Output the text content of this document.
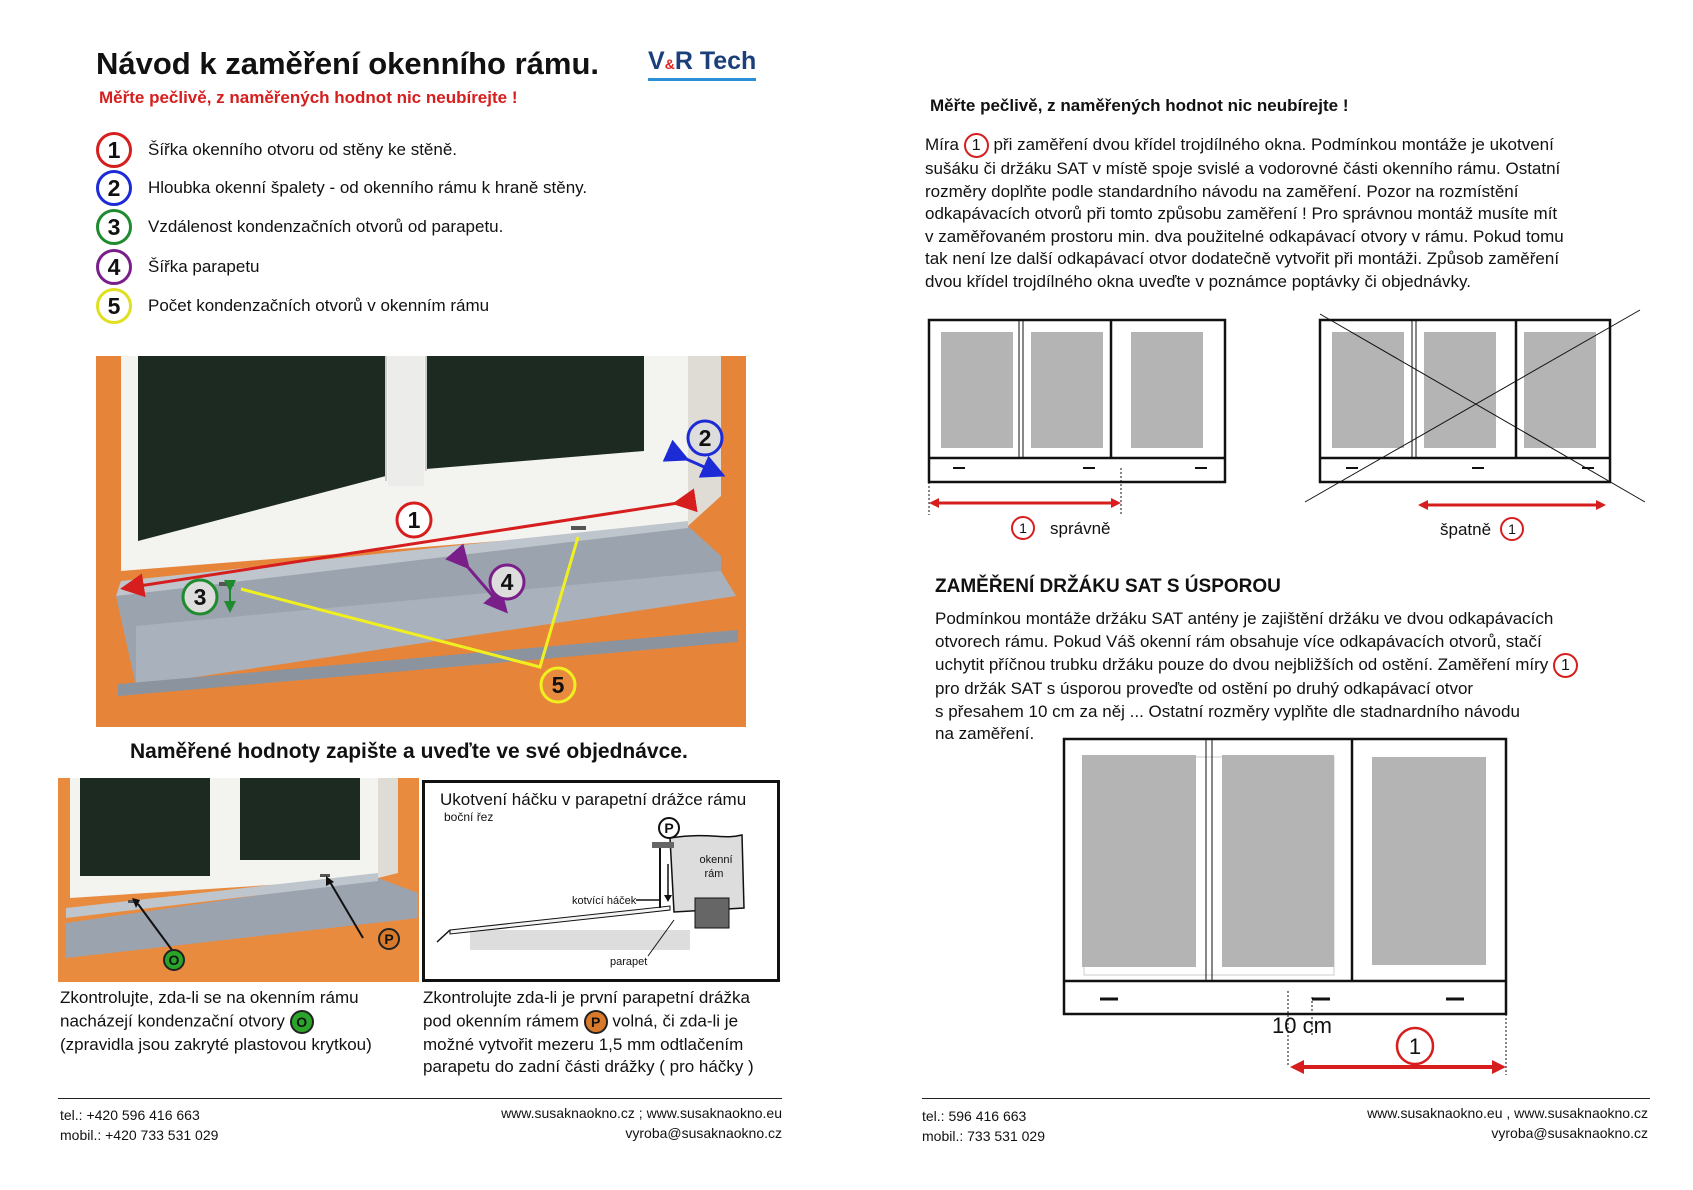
Návod k zaměření okenního rámu. V&R Tech
Měřte pečlivě, z naměřených hodnot nic neubírejte !
1	Šířka okenního otvoru od stěny ke stěně.
2	Hloubka okenní špalety - od okenního rámu k hraně stěny.
3	Vzdálenost kondenzačních otvorů od parapetu.
4	Šířka parapetu
5	Počet kondenzačních otvorů v okenním rámu
1
2
3
4
5
Naměřené hodnoty zapište a uveďte ve své objednávce.
O
P
Ukotvení háčku v parapetní drážce rámu
boční řez
P
okenní
rám
kotvící háček
parapet
Zkontrolujte, zda-li se na okenním rámu
nacházejí kondenzační otvory O
(zpravidla jsou zakryté plastovou krytkou)
Zkontrolujte zda-li je první parapetní drážka
pod okenním rámem P volná, či zda-li je
možné vytvořit mezeru 1,5 mm odtlačením
parapetu do zadní části drážky ( pro háčky )
tel.: +420 596 416 663
mobil.: +420 733 531 029
www.susaknaokno.cz ; www.susaknaokno.eu
vyroba@susaknaokno.cz
Měřte pečlivě, z naměřených hodnot nic neubírejte !
Míra 1 při zaměření dvou křídel trojdílného okna. Podmínkou montáže je ukotvení
sušáku či držáku SAT v místě spoje svislé a vodorovné části okenního rámu. Ostatní
rozměry doplňte podle standardního návodu na zaměření. Pozor na rozmístění
odkapávacích otvorů při tomto způsobu zaměření ! Pro správnou montáž musíte mít
v zaměřovaném prostoru min. dva použitelné odkapávací otvory v rámu. Pokud tomu
tak není lze další odkapávací otvor dodatečně vytvořit při montáži. Způsob zaměření
dvou křídel trojdílného okna uveďte v poznámce poptávky či objednávky.
1 správně	špatně 1
ZAMĚŘENÍ DRŽÁKU SAT S ÚSPOROU
Podmínkou montáže držáku SAT antény je zajištění držáku ve dvou odkapávacích
otvorech rámu. Pokud Váš okenní rám obsahuje více odkapávacích otvorů, stačí
uchytit příčnou trubku držáku pouze do dvou nejbližších od ostění. Zaměření míry 1
pro držák SAT s úsporou proveďte od ostění po druhý odkapávací otvor
s přesahem 10 cm za něj ... Ostatní rozměry vyplňte dle stadnardního návodu
na zaměření.
10 cm
1
tel.: 596 416 663
mobil.: 733 531 029
www.susaknaokno.eu , www.susaknaokno.cz
vyroba@susaknaokno.cz
